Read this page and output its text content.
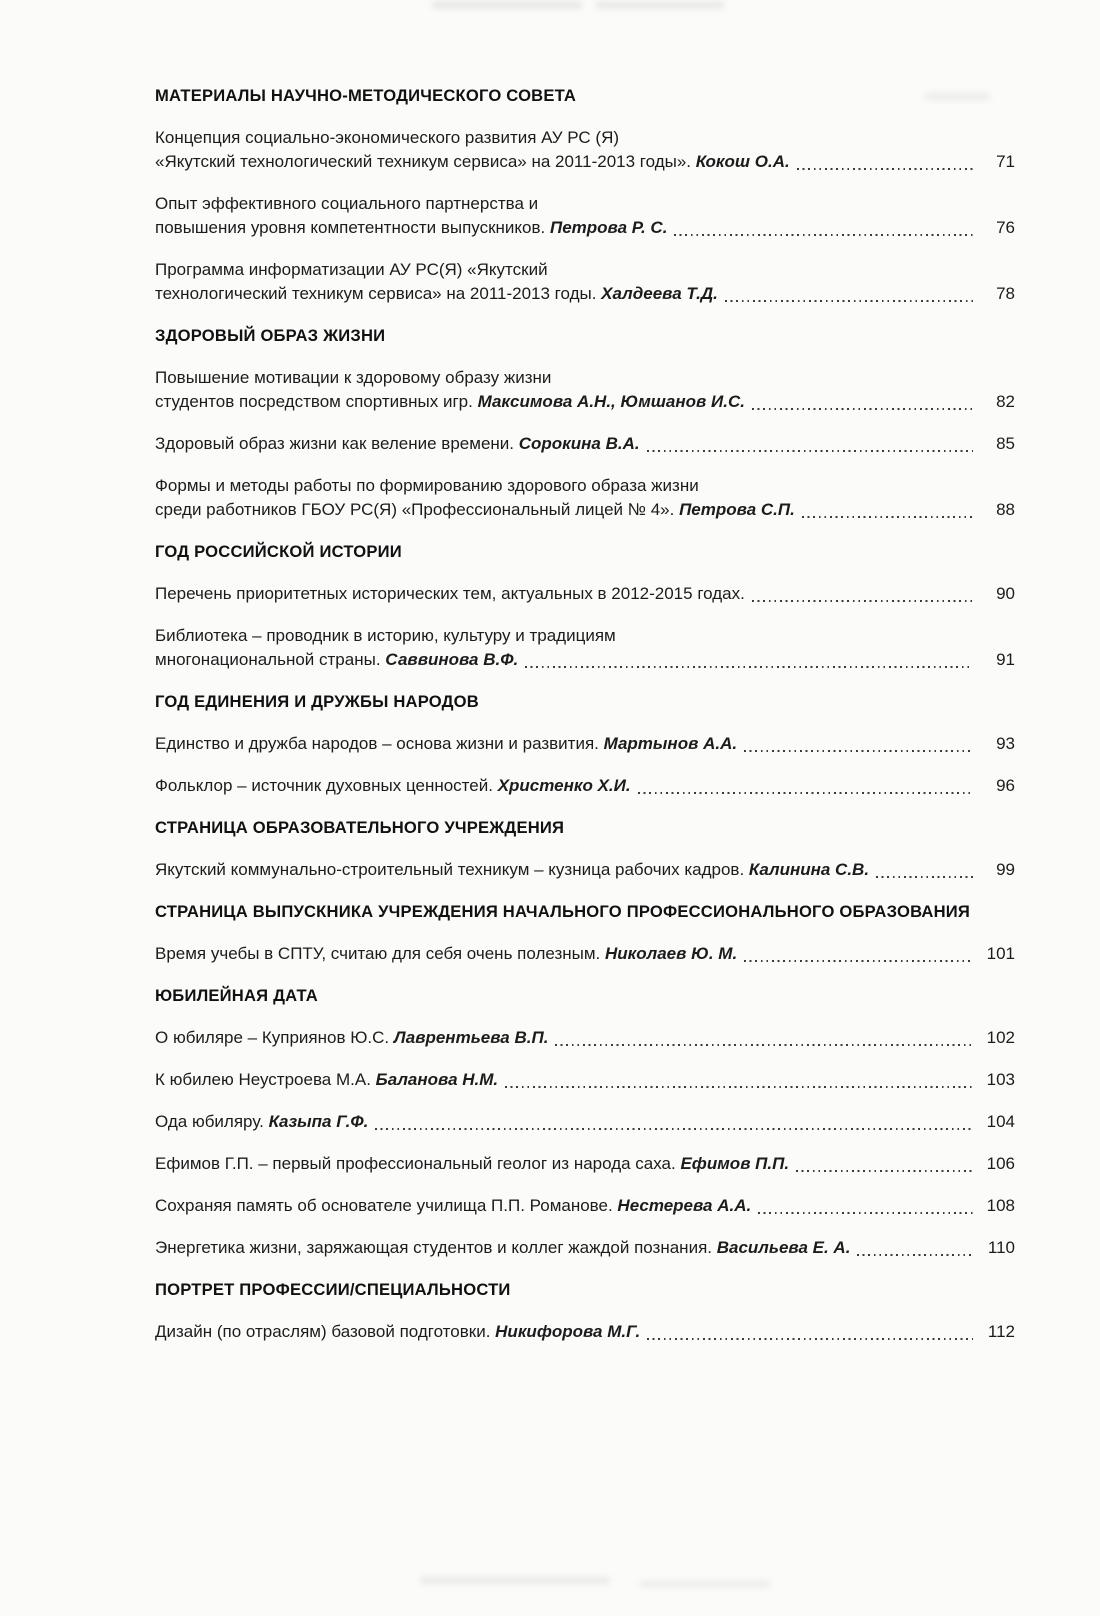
МАТЕРИАЛЫ НАУЧНО-МЕТОДИЧЕСКОГО СОВЕТА
Концепция социально-экономического развития АУ РС (Я)
«Якутский технологический техникум сервиса» на 2011-2013 годы». Кокош О.А.	71
Опыт эффективного социального партнерства и
повышения уровня компетентности выпускников. Петрова Р. С.	76
Программа информатизации АУ РС(Я) «Якутский
технологический техникум сервиса» на 2011-2013 годы. Халдеева Т.Д.	78
ЗДОРОВЫЙ ОБРАЗ ЖИЗНИ
Повышение мотивации к здоровому образу жизни
студентов посредством спортивных игр. Максимова А.Н., Юмшанов И.С.	82
Здоровый образ жизни как веление времени. Сорокина В.А.	85
Формы и методы работы по формированию здорового образа жизни
среди работников ГБОУ РС(Я) «Профессиональный лицей № 4». Петрова С.П.	88
ГОД РОССИЙСКОЙ ИСТОРИИ
Перечень приоритетных исторических тем, актуальных в 2012-2015 годах.	90
Библиотека – проводник в историю, культуру и традициям
многонациональной страны. Саввинова В.Ф.	91
ГОД ЕДИНЕНИЯ И ДРУЖБЫ НАРОДОВ
Единство и дружба народов – основа жизни и развития. Мартынов А.А.	93
Фольклор – источник духовных ценностей. Христенко Х.И.	96
СТРАНИЦА ОБРАЗОВАТЕЛЬНОГО УЧРЕЖДЕНИЯ
Якутский коммунально-строительный техникум – кузница рабочих кадров. Калинина С.В.	99
СТРАНИЦА ВЫПУСКНИКА УЧРЕЖДЕНИЯ НАЧАЛЬНОГО ПРОФЕССИОНАЛЬНОГО ОБРАЗОВАНИЯ
Время учебы в СПТУ, считаю для себя очень полезным. Николаев Ю. М.	101
ЮБИЛЕЙНАЯ ДАТА
О юбиляре – Куприянов Ю.С. Лаврентьева В.П.	102
К юбилею Неустроева М.А. Баланова Н.М.	103
Ода юбиляру. Казыпа Г.Ф.	104
Ефимов Г.П. – первый профессиональный геолог из народа саха. Ефимов П.П.	106
Сохраняя память об основателе училища П.П. Романове. Нестерева А.А.	108
Энергетика жизни, заряжающая студентов и коллег жаждой познания. Васильева Е. А.	110
ПОРТРЕТ ПРОФЕССИИ/СПЕЦИАЛЬНОСТИ
Дизайн (по отраслям) базовой подготовки. Никифорова М.Г.	112
